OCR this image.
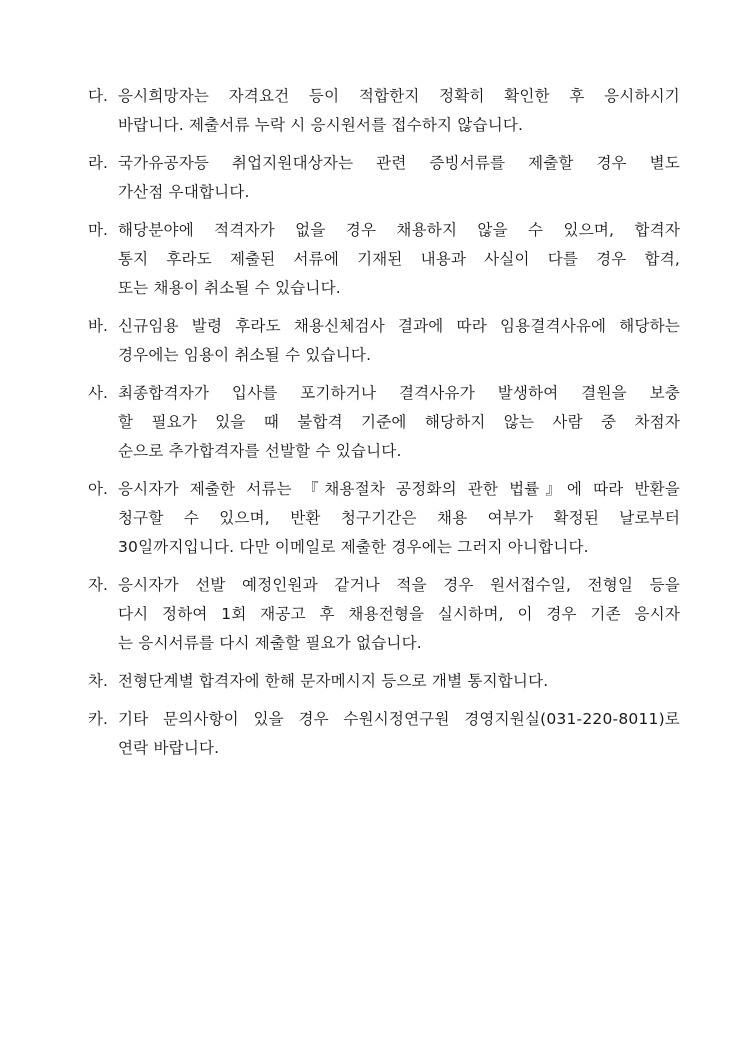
다. 응시희망자는 자격요건 등이 적합한지 정확히 확인한 후 응시하시기
바랍니다. 제출서류 누락 시 응시원서를 접수하지 않습니다.
라. 국가유공자등 취업지원대상자는 관련 증빙서류를 제출할 경우 별도
가산점 우대합니다.
마. 해당분야에 적격자가 없을 경우 채용하지 않을 수 있으며, 합격자
통지 후라도 제출된 서류에 기재된 내용과 사실이 다를 경우 합격,
또는 채용이 취소될 수 있습니다.
바. 신규임용 발령 후라도 채용신체검사 결과에 따라 임용결격사유에 해당하는
경우에는 임용이 취소될 수 있습니다.
사. 최종합격자가 입사를 포기하거나 결격사유가 발생하여 결원을 보충
할 필요가 있을 때 불합격 기준에 해당하지 않는 사람 중 차점자
순으로 추가합격자를 선발할 수 있습니다.
아. 응시자가 제출한 서류는 『채용절차 공정화의 관한 법률』에 따라 반환을
청구할 수 있으며, 반환 청구기간은 채용 여부가 확정된 날로부터
30일까지입니다. 다만 이메일로 제출한 경우에는 그러지 아니합니다.
자. 응시자가 선발 예정인원과 같거나 적을 경우 원서접수일, 전형일 등을
다시 정하여 1회 재공고 후 채용전형을 실시하며, 이 경우 기존 응시자
는 응시서류를 다시 제출할 필요가 없습니다.
차. 전형단계별 합격자에 한해 문자메시지 등으로 개별 통지합니다.
카. 기타 문의사항이 있을 경우 수원시정연구원 경영지원실(031-220-8011)로
연락 바랍니다.
